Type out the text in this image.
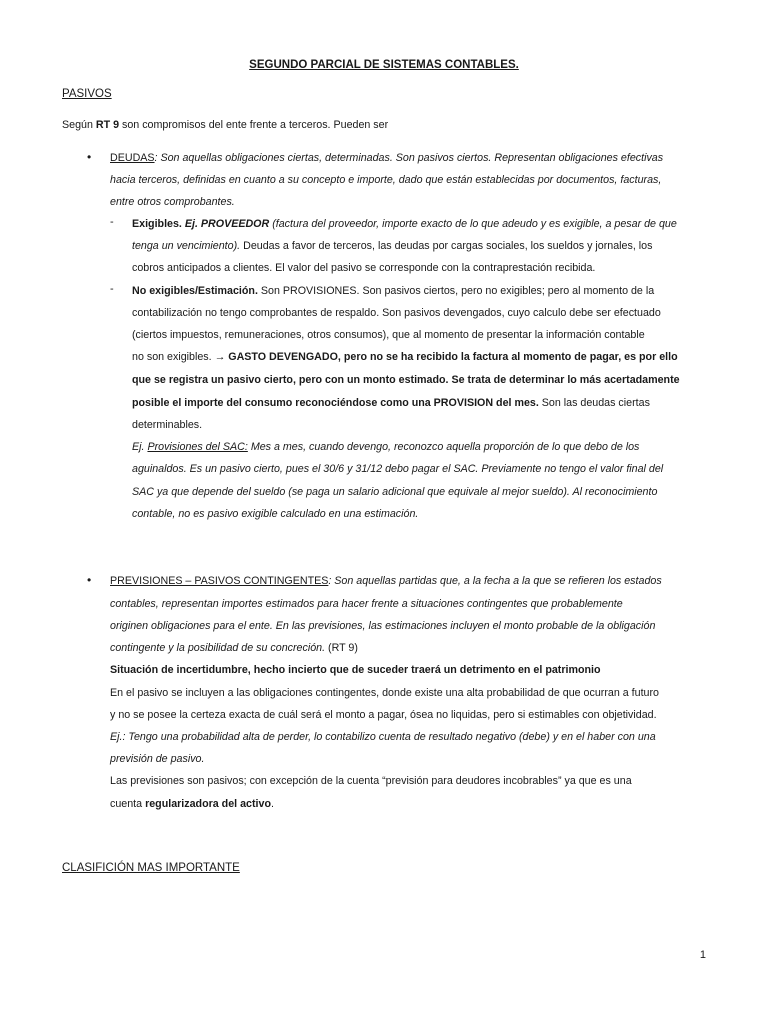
SEGUNDO PARCIAL DE SISTEMAS CONTABLES.
PASIVOS
Según RT 9 son compromisos del ente frente a terceros. Pueden ser
• DEUDAS: Son aquellas obligaciones ciertas, determinadas. Son pasivos ciertos. Representan obligaciones efectivas
hacia terceros, definidas en cuanto a su concepto e importe, dado que están establecidas por documentos, facturas,
entre otros comprobantes.
- Exigibles. Ej. PROVEEDOR (factura del proveedor, importe exacto de lo que adeudo y es exigible, a pesar de que
tenga un vencimiento). Deudas a favor de terceros, las deudas por cargas sociales, los sueldos y jornales, los
cobros anticipados a clientes. El valor del pasivo se corresponde con la contraprestación recibida.
- No exigibles/Estimación. Son PROVISIONES. Son pasivos ciertos, pero no exigibles; pero al momento de la
contabilización no tengo comprobantes de respaldo. Son pasivos devengados, cuyo calculo debe ser efectuado
(ciertos impuestos, remuneraciones, otros consumos), que al momento de presentar la información contable
no son exigibles. → GASTO DEVENGADO, pero no se ha recibido la factura al momento de pagar, es por ello
que se registra un pasivo cierto, pero con un monto estimado. Se trata de determinar lo más acertadamente
posible el importe del consumo reconociéndose como una PROVISION del mes. Son las deudas ciertas
determinables.
Ej. Provisiones del SAC: Mes a mes, cuando devengo, reconozco aquella proporción de lo que debo de los
aguinaldos. Es un pasivo cierto, pues el 30/6 y 31/12 debo pagar el SAC. Previamente no tengo el valor final del
SAC ya que depende del sueldo (se paga un salario adicional que equivale al mejor sueldo). Al reconocimiento
contable, no es pasivo exigible calculado en una estimación.
• PREVISIONES – PASIVOS CONTINGENTES: Son aquellas partidas que, a la fecha a la que se refieren los estados
contables, representan importes estimados para hacer frente a situaciones contingentes que probablemente
originen obligaciones para el ente. En las previsiones, las estimaciones incluyen el monto probable de la obligación
contingente y la posibilidad de su concreción. (RT 9)
Situación de incertidumbre, hecho incierto que de suceder traerá un detrimento en el patrimonio
En el pasivo se incluyen a las obligaciones contingentes, donde existe una alta probabilidad de que ocurran a futuro
y no se posee la certeza exacta de cuál será el monto a pagar, ósea no liquidas, pero si estimables con objetividad.
Ej.: Tengo una probabilidad alta de perder, lo contabilizo cuenta de resultado negativo (debe) y en el haber con una
previsión de pasivo.
Las previsiones son pasivos; con excepción de la cuenta “previsión para deudores incobrables” ya que es una
cuenta regularizadora del activo.
CLASIFICIÓN MAS IMPORTANTE
1
